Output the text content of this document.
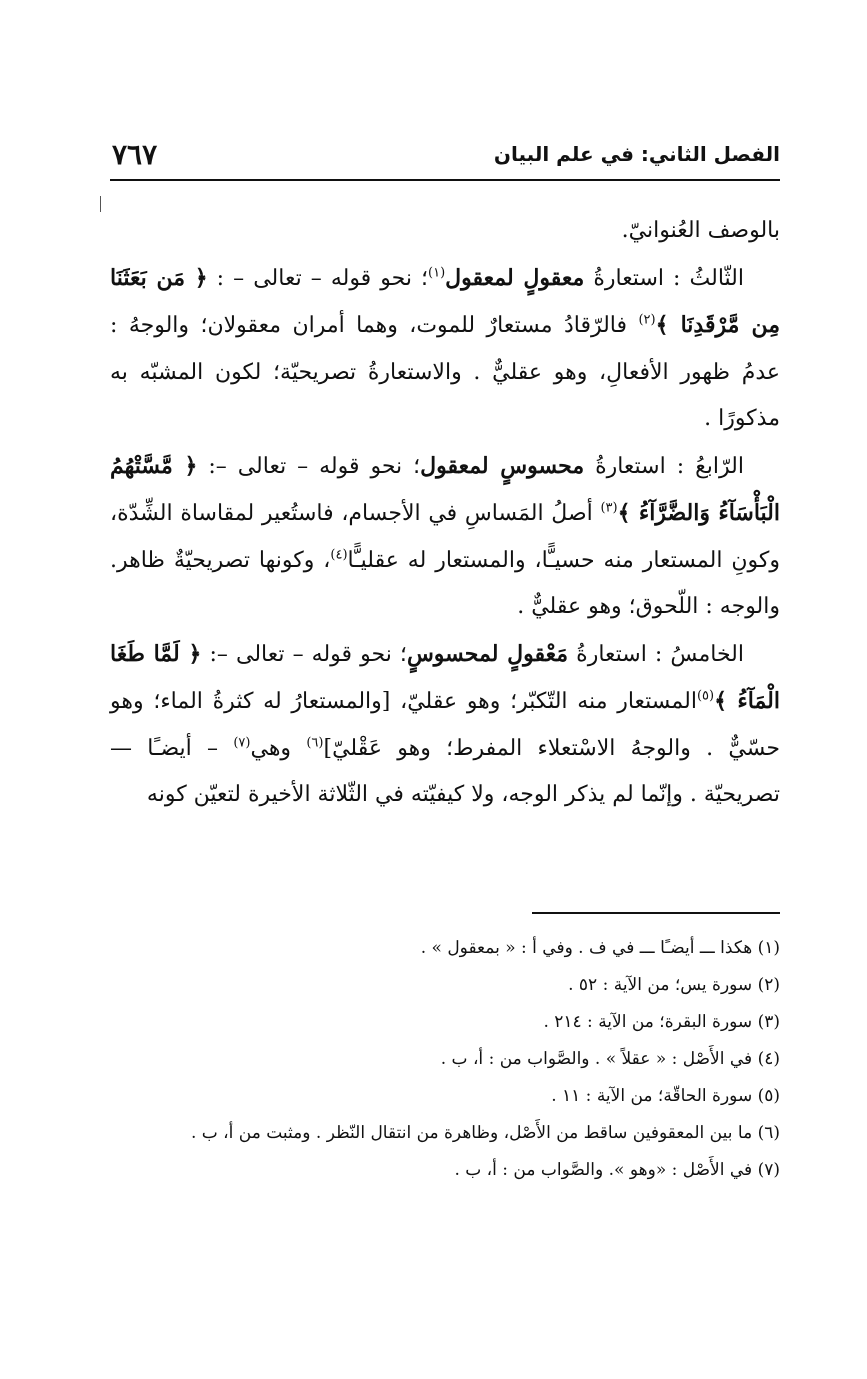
٧٦٧	الفصل الثاني: في علم البيان

بالوصف العُنوانيّ.

الثّالثُ : استعارةُ معقولٍ لمعقول$^{(١)}$؛ نحو قوله – تعالى – : ﴿ مَن بَعَثَنَا مِن مَّرْقَدِنَا ﴾$^{(٢)}$ فالرّقادُ مستعارٌ للموت، وهما أمران معقولان؛ والوجهُ : عدمُ ظهور الأفعالِ، وهو عقليٌّ . والاستعارةُ تصريحيّة؛ لكون المشبّه به مذكورًا .

الرّابعُ : استعارةُ محسوسٍ لمعقول؛ نحو قوله – تعالى –: ﴿ مَّسَّتْهُمُ الْبَأْسَآءُ وَالضَّرَّآءُ ﴾$^{(٣)}$ أصلُ المَساسِ في الأجسام، فاستُعير لمقاساة الشِّدّة، وكونِ المستعار منه حسيـًّا، والمستعار له عقليـًّا$^{(٤)}$، وكونها تصريحيّةٌ ظاهر. والوجه : اللّحوق؛ وهو عقليٌّ .

الخامسُ : استعارةُ مَعْقولٍ لمحسوسٍ؛ نحو قوله – تعالى –: ﴿ لَمَّا طَغَا الْمَآءُ ﴾$^{(٥)}$المستعار منه التّكبّر؛ وهو عقليّ، [والمستعارُ له كثرةُ الماء؛ وهو حسّيٌّ . والوجهُ الاسْتعلاء المفرط؛ وهو عَقْليّ]$^{(٦)}$ وهي$^{(٧)}$ – أيضـًا — تصريحيّة . وإنّما لم يذكر الوجه، ولا كيفيّته في الثّلاثة الأخيرة لتعيّن كونه

(١) هكذا ـــ أيضـًا ـــ في ف . وفي أ : « بمعقول » .
(٢) سورة يس؛ من الآية : ٥٢ .
(٣) سورة البقرة؛ من الآية : ٢١٤ .
(٤) في الأَصْل : « عقلاً » . والصَّواب من : أ، ب .
(٥) سورة الحاقّة؛ من الآية : ١١ .
(٦) ما بين المعقوفين ساقط من الأَصْل، وظاهرة من انتقال النّظر . ومثبت من أ، ب .
(٧) في الأَصْل : «وهو ». والصَّواب من : أ، ب .
